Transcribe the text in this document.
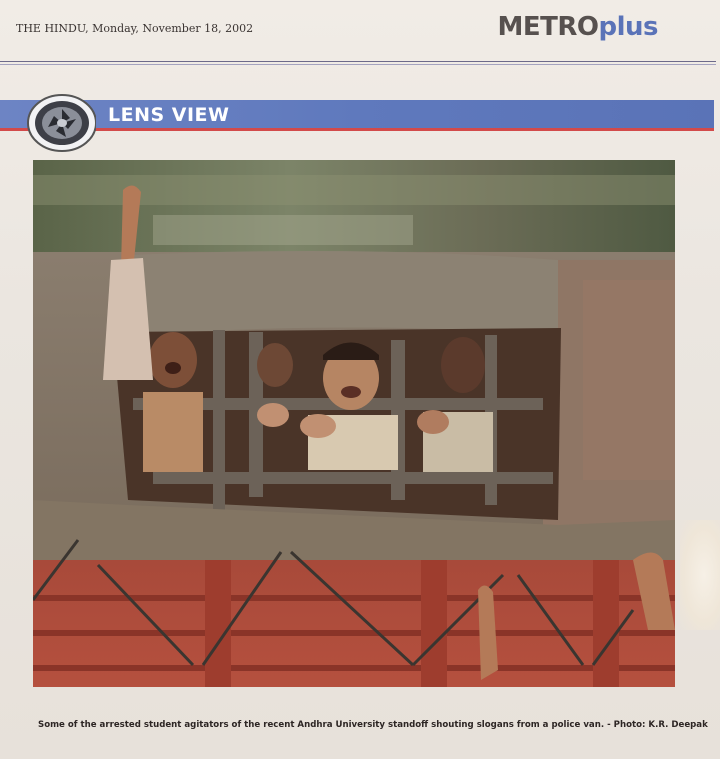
THE HINDU, Monday, November 18, 2002	METROplus
LENS VIEW
Some of the arrested student agitators of the recent Andhra University standoff shouting slogans from a police van. - Photo: K.R. Deepak
